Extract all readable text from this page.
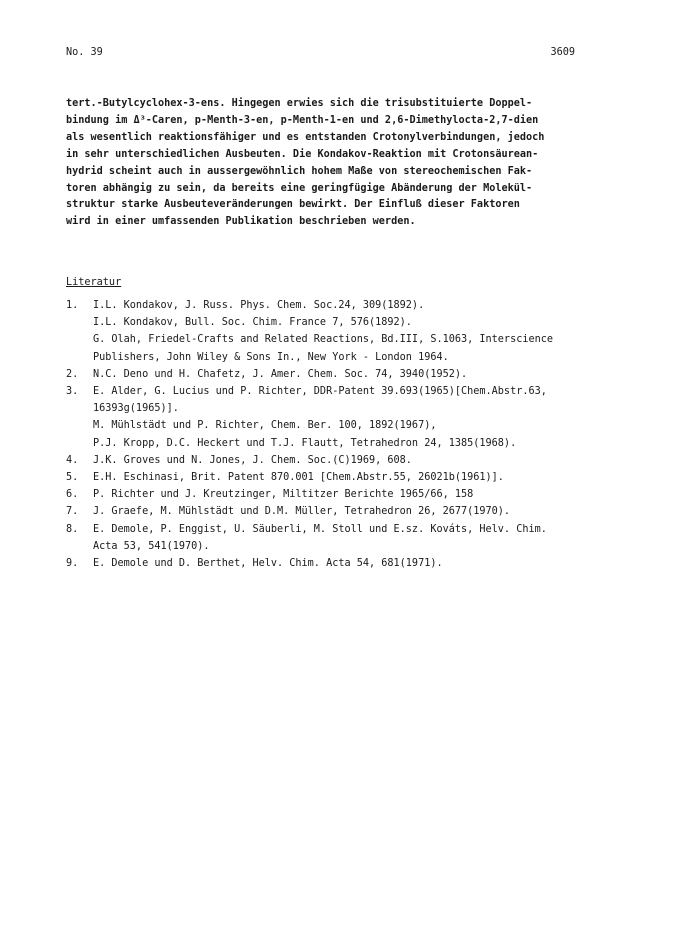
No. 39	3609
tert.-Butylcyclohex-3-ens. Hingegen erwies sich die trisubstituierte Doppel-
bindung im Δ³-Caren, p-Menth-3-en, p-Menth-1-en und 2,6-Dimethylocta-2,7-dien
als wesentlich reaktionsfähiger und es entstanden Crotonylverbindungen, jedoch
in sehr unterschiedlichen Ausbeuten. Die Kondakov-Reaktion mit Crotonsäurean-
hydrid scheint auch in aussergewöhnlich hohem Maße von stereochemischen Fak-
toren abhängig zu sein, da bereits eine geringfügige Abänderung der Molekül-
struktur starke Ausbeuteveränderungen bewirkt. Der Einfluß dieser Faktoren
wird in einer umfassenden Publikation beschrieben werden.
Literatur
1.	I.L. Kondakov, J. Russ. Phys. Chem. Soc.24, 309(1892).
I.L. Kondakov, Bull. Soc. Chim. France 7, 576(1892).
G. Olah, Friedel-Crafts and Related Reactions, Bd.III, S.1063, Interscience
Publishers, John Wiley & Sons In., New York - London 1964.
2.	N.C. Deno und H. Chafetz, J. Amer. Chem. Soc. 74, 3940(1952).
3.	E. Alder, G. Lucius und P. Richter, DDR-Patent 39.693(1965)[Chem.Abstr.63,
16393g(1965)].
M. Mühlstädt und P. Richter, Chem. Ber. 100, 1892(1967),
P.J. Kropp, D.C. Heckert und T.J. Flautt, Tetrahedron 24, 1385(1968).
4.	J.K. Groves und N. Jones, J. Chem. Soc.(C)1969, 608.
5.	E.H. Eschinasi, Brit. Patent 870.001 [Chem.Abstr.55, 26021b(1961)].
6.	P. Richter und J. Kreutzinger, Miltitzer Berichte 1965/66, 158
7.	J. Graefe, M. Mühlstädt und D.M. Müller, Tetrahedron 26, 2677(1970).
8.	E. Demole, P. Enggist, U. Säuberli, M. Stoll und E.sz. Kováts, Helv. Chim.
Acta 53, 541(1970).
9.	E. Demole und D. Berthet, Helv. Chim. Acta 54, 681(1971).
